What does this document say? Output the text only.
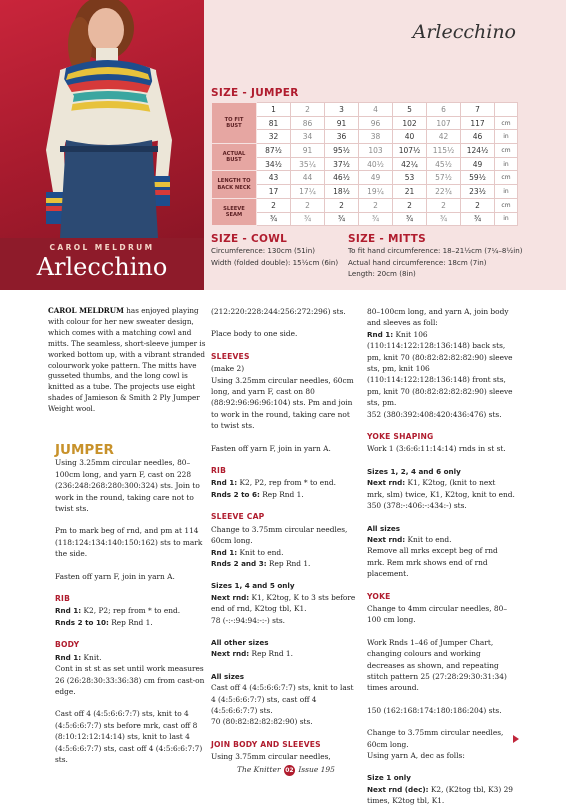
CAROL MELDRUM
Arlecchino
Arlecchino
SIZE - JUMPER
TO FIT
BUST	1	2	3	4	5	6	7	
	81	86	91	96	102	107	117	cm
	32	34	36	38	40	42	46	in
ACTUAL
BUST	87½	91	95½	103	107½	115½	124½	cm
	34½	35¼	37½	40½	42¼	45½	49	in
LENGTH TO
BACK NECK	43	44	46½	49	53	57½	59½	cm
	17	17¼	18½	19¼	21	22¾	23½	in
SLEEVE
SEAM	2	2	2	2	2	2	2	cm
	¾	¾	¾	¾	¾	¾	¾	in
SIZE - COWL
Circumference: 130cm (51in)
Width (folded double): 15½cm (6in)
SIZE - MITTS
To fit hand circumference: 18–21½cm (7¼–8½in)
Actual hand circumference: 18cm (7in)
Length: 20cm (8in)
CAROL MELDRUM has enjoyed playing with colour for her new sweater design, which comes with a matching cowl and mitts. The seamless, short-sleeve jumper is worked bottom up, with a vibrant stranded colourwork yoke pattern. The mitts have gusseted thumbs, and the long cowl is knitted as a tube. The projects use eight shades of Jamieson & Smith 2 Ply Jumper Weight wool.
JUMPER
Using 3.25mm circular needles, 80–100cm long, and yarn F, cast on 228 (236:248:268:280:300:324) sts. Join to work in the round, taking care not to twist sts.
Pm to mark beg of rnd, and pm at 114 (118:124:134:140:150:162) sts to mark the side.
Fasten off yarn F, join in yarn A.
RIB
Rnd 1: K2, P2; rep from * to end.
Rnds 2 to 10: Rep Rnd 1.
BODY
Rnd 1: Knit.
Cont in st st as set until work measures 26 (26:28:30:33:36:38) cm from cast-on edge.
Cast off 4 (4:5:6:6:7:7) sts, knit to 4 (4:5:6:6:7:7) sts before mrk, cast off 8 (8:10:12:12:14:14) sts, knit to last 4 (4:5:6:6:7:7) sts, cast off 4 (4:5:6:6:7:7) sts.
(212:220:228:244:256:272:296) sts.
Place body to one side.
SLEEVES
(make 2)
Using 3.25mm circular needles, 60cm long, and yarn F, cast on 80 (88:92:96:96:96:104) sts. Pm and join to work in the round, taking care not to twist sts.
Fasten off yarn F, join in yarn A.
RIB
Rnd 1: K2, P2, rep from * to end.
Rnds 2 to 6: Rep Rnd 1.
SLEEVE CAP
Change to 3.75mm circular needles, 60cm long.
Rnd 1: Knit to end.
Rnds 2 and 3: Rep Rnd 1.
Sizes 1, 4 and 5 only
Next rnd: K1, K2tog, K to 3 sts before end of rnd, K2tog tbl, K1.
78 (-:-:94:94:-:-) sts.
All other sizes
Next rnd: Rep Rnd 1.
All sizes
Cast off 4 (4:5:6:6:7:7) sts, knit to last 4 (4:5:6:6:7:7) sts, cast off 4 (4:5:6:6:7:7) sts.
70 (80:82:82:82:82:90) sts.
JOIN BODY AND SLEEVES
Using 3.75mm circular needles,
80–100cm long, and yarn A, join body and sleeves as foll:
Rnd 1: Knit 106 (110:114:122:128:136:148) back sts, pm, knit 70 (80:82:82:82:82:90) sleeve sts, pm, knit 106 (110:114:122:128:136:148) front sts, pm, knit 70 (80:82:82:82:82:90) sleeve sts, pm.
352 (380:392:408:420:436:476) sts.
YOKE SHAPING
Work 1 (3:6:6:11:14:14) rnds in st st.
Sizes 1, 2, 4 and 6 only
Next rnd: K1, K2tog, (knit to next mrk, slm) twice, K1, K2tog, knit to end.
350 (378:-:406:-:434:-) sts.
All sizes
Next rnd: Knit to end.
Remove all mrks except beg of rnd mrk. Rem mrk shows end of rnd placement.
YOKE
Change to 4mm circular needles, 80–100 cm long.
Work Rnds 1–46 of Jumper Chart, changing colours and working decreases as shown, and repeating stitch pattern 25 (27:28:29:30:31:34) times around.
150 (162:168:174:180:186:204) sts.
Change to 3.75mm circular needles, 60cm long.
Using yarn A, dec as folls:
Size 1 only
Next rnd (dec): K2, (K2tog tbl, K3) 29 times, K2tog tbl, K1.
The Knitter 02 Issue 195
